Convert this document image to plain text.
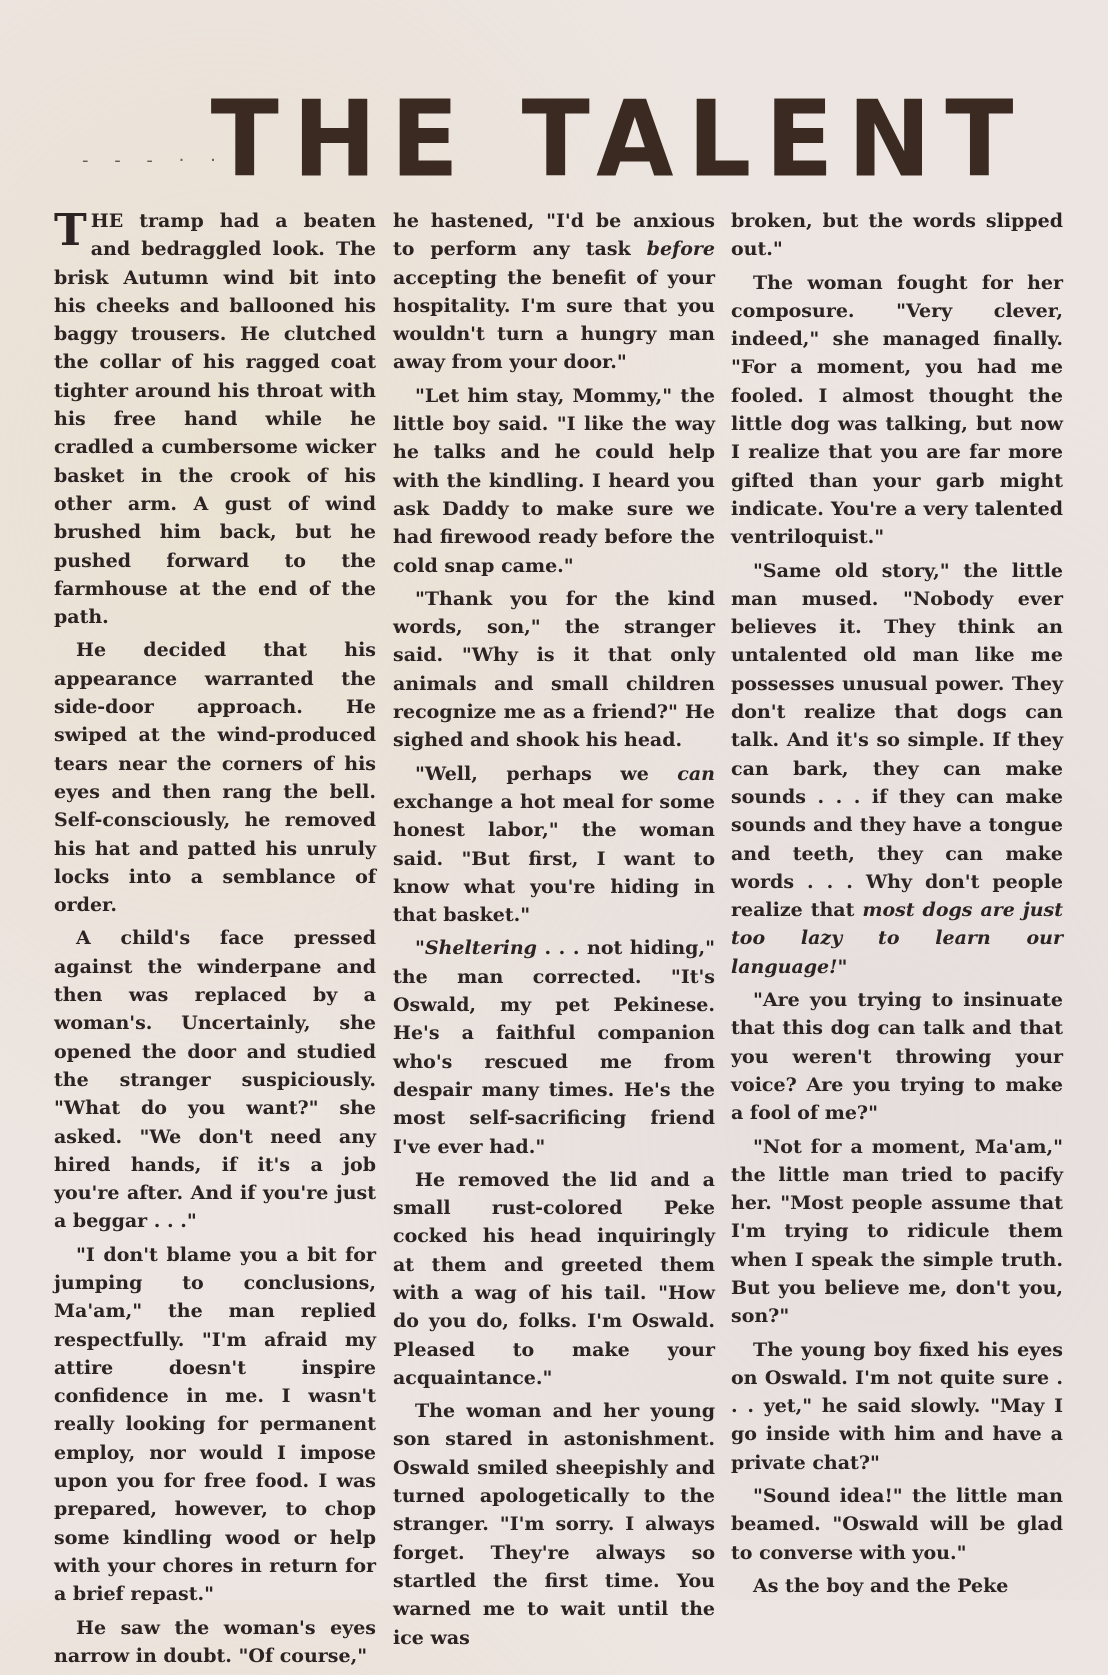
- - - · ·
THE TALENT

THE tramp had a beaten and bedraggled look. The brisk Autumn wind bit into his cheeks and ballooned his baggy trousers. He clutched the collar of his ragged coat tighter around his throat with his free hand while he cradled a cumbersome wicker basket in the crook of his other arm. A gust of wind brushed him back, but he pushed forward to the farmhouse at the end of the path.

He decided that his appearance warranted the side-door approach. He swiped at the wind-produced tears near the corners of his eyes and then rang the bell. Self-consciously, he removed his hat and patted his unruly locks into a semblance of order.

A child's face pressed against the winderpane and then was replaced by a woman's. Uncertainly, she opened the door and studied the stranger suspiciously. "What do you want?" she asked. "We don't need any hired hands, if it's a job you're after. And if you're just a beggar . . ."

"I don't blame you a bit for jumping to conclusions, Ma'am," the man replied respectfully. "I'm afraid my attire doesn't inspire confidence in me. I wasn't really looking for permanent employ, nor would I impose upon you for free food. I was prepared, however, to chop some kindling wood or help with your chores in return for a brief repast."

He saw the woman's eyes narrow in doubt. "Of course,"

he hastened, "I'd be anxious to perform any task before accepting the benefit of your hospitality. I'm sure that you wouldn't turn a hungry man away from your door."

"Let him stay, Mommy," the little boy said. "I like the way he talks and he could help with the kindling. I heard you ask Daddy to make sure we had firewood ready before the cold snap came."

"Thank you for the kind words, son," the stranger said. "Why is it that only animals and small children recognize me as a friend?" He sighed and shook his head.

"Well, perhaps we can exchange a hot meal for some honest labor," the woman said. "But first, I want to know what you're hiding in that basket."

"Sheltering . . . not hiding," the man corrected. "It's Oswald, my pet Pekinese. He's a faithful companion who's rescued me from despair many times. He's the most self-sacrificing friend I've ever had."

He removed the lid and a small rust-colored Peke cocked his head inquiringly at them and greeted them with a wag of his tail. "How do you do, folks. I'm Oswald. Pleased to make your acquaintance."

The woman and her young son stared in astonishment. Oswald smiled sheepishly and turned apologetically to the stranger. "I'm sorry. I always forget. They're always so startled the first time. You warned me to wait until the ice was

broken, but the words slipped out."

The woman fought for her composure. "Very clever, indeed," she managed finally. "For a moment, you had me fooled. I almost thought the little dog was talking, but now I realize that you are far more gifted than your garb might indicate. You're a very talented ventriloquist."

"Same old story," the little man mused. "Nobody ever believes it. They think an untalented old man like me possesses unusual power. They don't realize that dogs can talk. And it's so simple. If they can bark, they can make sounds . . . if they can make sounds and they have a tongue and teeth, they can make words . . . Why don't people realize that most dogs are just too lazy to learn our language!"

"Are you trying to insinuate that this dog can talk and that you weren't throwing your voice? Are you trying to make a fool of me?"

"Not for a moment, Ma'am," the little man tried to pacify her. "Most people assume that I'm trying to ridicule them when I speak the simple truth. But you believe me, don't you, son?"

The young boy fixed his eyes on Oswald. I'm not quite sure . . . yet," he said slowly. "May I go inside with him and have a private chat?"

"Sound idea!" the little man beamed. "Oswald will be glad to converse with you."

As the boy and the Peke
